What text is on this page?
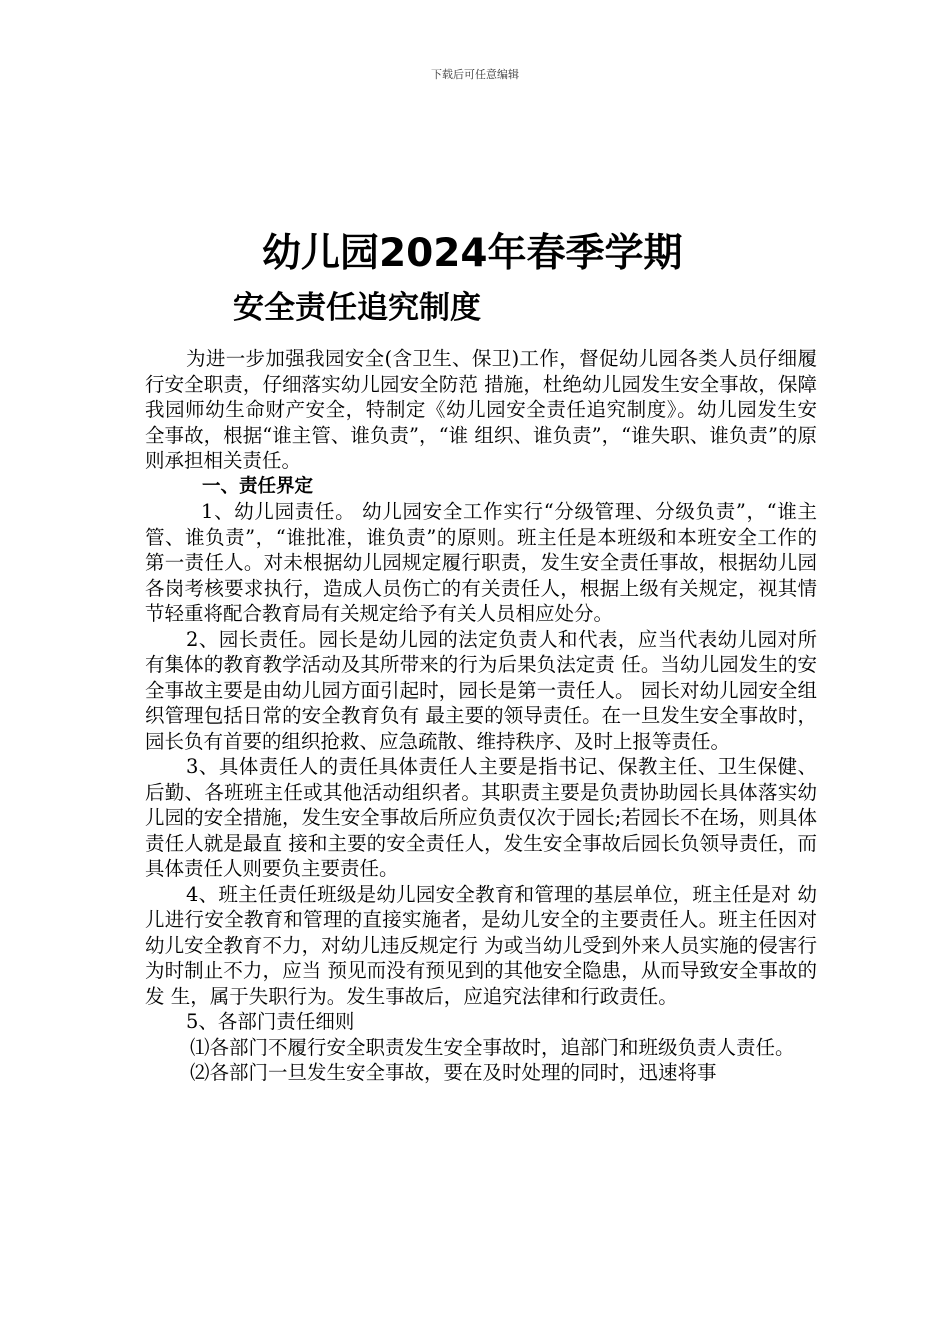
下载后可任意编辑
幼儿园2024年春季学期
安全责任追究制度

为进一步加强我园安全(含卫生、保卫)工作，督促幼儿园各类人员仔细履行安全职责，仔细落实幼儿园安全防范 措施，杜绝幼儿园发生安全事故，保障我园师幼生命财产安全，特制定《幼儿园安全责任追究制度》。幼儿园发生安全事故，根据“谁主管、谁负责”，“谁 组织、谁负责”，“谁失职、谁负责”的原则承担相关责任。

一、责任界定

1、幼儿园责任。 幼儿园安全工作实行“分级管理、分级负责”，“谁主管、谁负责”，“谁批准，谁负责”的原则。班主任是本班级和本班安全工作的第一责任人。对未根据幼儿园规定履行职责，发生安全责任事故，根据幼儿园各岗考核要求执行，造成人员伤亡的有关责任人，根据上级有关规定，视其情节轻重将配合教育局有关规定给予有关人员相应处分。

2、园长责任。园长是幼儿园的法定负责人和代表，应当代表幼儿园对所有集体的教育教学活动及其所带来的行为后果负法定责 任。当幼儿园发生的安全事故主要是由幼儿园方面引起时，园长是第一责任人。 园长对幼儿园安全组织管理包括日常的安全教育负有 最主要的领导责任。在一旦发生安全事故时，园长负有首要的组织抢救、应急疏散、维持秩序、及时上报等责任。

3、具体责任人的责任具体责任人主要是指书记、保教主任、卫生保健、后勤、各班班主任或其他活动组织者。其职责主要是负责协助园长具体落实幼儿园的安全措施，发生安全事故后所应负责仅次于园长;若园长不在场，则具体责任人就是最直 接和主要的安全责任人，发生安全事故后园长负领导责任，而具体责任人则要负主要责任。

4、班主任责任班级是幼儿园安全教育和管理的基层单位，班主任是对 幼儿进行安全教育和管理的直接实施者，是幼儿安全的主要责任人。班主任因对幼儿安全教育不力，对幼儿违反规定行 为或当幼儿受到外来人员实施的侵害行为时制止不力，应当 预见而没有预见到的其他安全隐患，从而导致安全事故的发 生，属于失职行为。发生事故后，应追究法律和行政责任。

5、各部门责任细则

⑴各部门不履行安全职责发生安全事故时，追部门和班级负责人责任。

⑵各部门一旦发生安全事故，要在及时处理的同时，迅速将事
